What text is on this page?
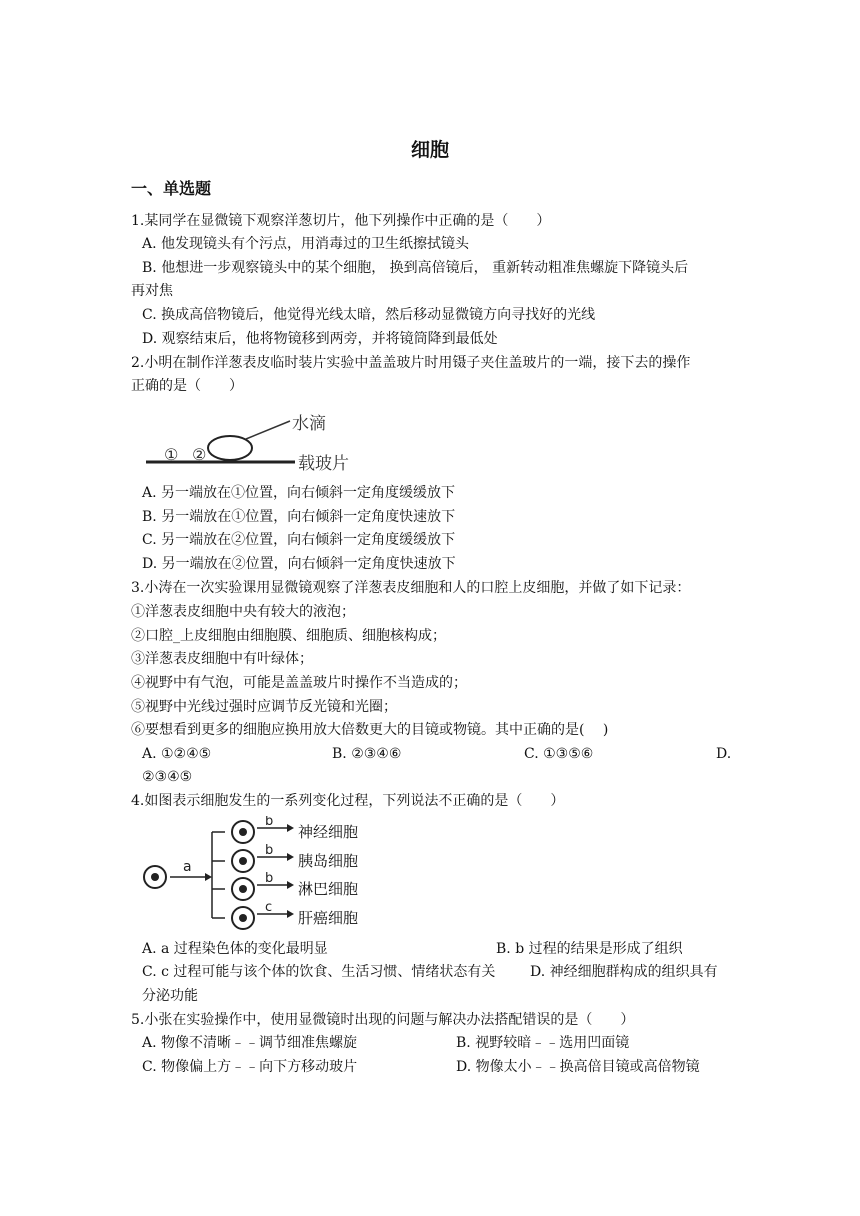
细胞
一、单选题
1.某同学在显微镜下观察洋葱切片，他下列操作中正确的是（　　）
A. 他发现镜头有个污点，用消毒过的卫生纸擦拭镜头
B. 他想进一步观察镜头中的某个细胞， 换到高倍镜后， 重新转动粗准焦螺旋下降镜头后
再对焦
C. 换成高倍物镜后，他觉得光线太暗，然后移动显微镜方向寻找好的光线
D. 观察结束后，他将物镜移到两旁，并将镜筒降到最低处
2.小明在制作洋葱表皮临时装片实验中盖盖玻片时用镊子夹住盖玻片的一端，接下去的操作
正确的是（　　）
① ②
水滴
载玻片
A. 另一端放在①位置，向右倾斜一定角度缓缓放下
B. 另一端放在①位置，向右倾斜一定角度快速放下
C. 另一端放在②位置，向右倾斜一定角度缓缓放下
D. 另一端放在②位置，向右倾斜一定角度快速放下
3.小涛在一次实验课用显微镜观察了洋葱表皮细胞和人的口腔上皮细胞，并做了如下记录：
①洋葱表皮细胞中央有较大的液泡；
②口腔_上皮细胞由细胞膜、细胞质、细胞核构成；
③洋葱表皮细胞中有叶绿体；
④视野中有气泡，可能是盖盖玻片时操作不当造成的；
⑤视野中光线过强时应调节反光镜和光圈；
⑥要想看到更多的细胞应换用放大倍数更大的目镜或物镜。其中正确的是(　 )
A. ①②④⑤	B. ②③④⑥	C. ①③⑤⑥	D.
②③④⑤
4.如图表示细胞发生的一系列变化过程，下列说法不正确的是（　　）
a
b
神经细胞
b
胰岛细胞
b
淋巴细胞
c
肝癌细胞
A. a 过程染色体的变化最明显	B. b 过程的结果是形成了组织
C. c 过程可能与该个体的饮食、生活习惯、情绪状态有关 D. 神经细胞群构成的组织具有
分泌功能
5.小张在实验操作中，使用显微镜时出现的问题与解决办法搭配错误的是（　　）
A. 物像不清晰﹣﹣调节细准焦螺旋	B. 视野较暗﹣﹣选用凹面镜
C. 物像偏上方﹣﹣向下方移动玻片	D. 物像太小﹣﹣换高倍目镜或高倍物镜
